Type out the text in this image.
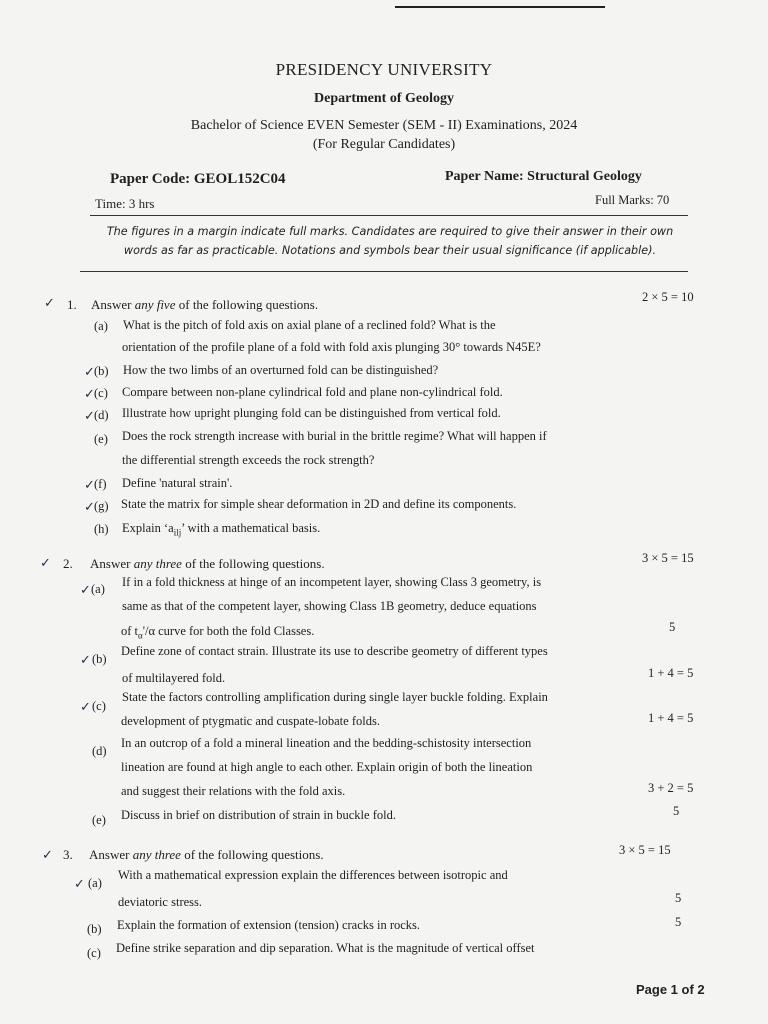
PRESIDENCY UNIVERSITY
Department of Geology
Bachelor of Science EVEN Semester (SEM - II) Examinations, 2024
(For Regular Candidates)
Paper Code: GEOL152C04	Paper Name: Structural Geology
Time: 3 hrs	Full Marks: 70
The figures in a margin indicate full marks. Candidates are required to give their answer in their own words as far as practicable. Notations and symbols bear their usual significance (if applicable).
✓ 1. Answer any five of the following questions.	2 × 5 = 10
(a) What is the pitch of fold axis on axial plane of a reclined fold? What is the
orientation of the profile plane of a fold with fold axis plunging 30° towards N45E?
✓ (b) How the two limbs of an overturned fold can be distinguished?
✓ (c) Compare between non-plane cylindrical fold and plane non-cylindrical fold.
✓ (d) Illustrate how upright plunging fold can be distinguished from vertical fold.
(e) Does the rock strength increase with burial in the brittle regime? What will happen if
the differential strength exceeds the rock strength?
✓ (f) Define 'natural strain'.
✓ (g) State the matrix for simple shear deformation in 2D and define its components.
(h) Explain ‘$a_{ilj}$’ with a mathematical basis.
✓ 2. Answer any three of the following questions.	3 × 5 = 15
✓ (a) If in a fold thickness at hinge of an incompetent layer, showing Class 3 geometry, is
same as that of the competent layer, showing Class 1B geometry, deduce equations
of $t_\alpha'/\alpha$ curve for both the fold Classes.	5
✓ (b)
Define zone of contact strain. Illustrate its use to describe geometry of different types
of multilayered fold.	1 + 4 = 5
✓ (c)
State the factors controlling amplification during single layer buckle folding. Explain
development of ptygmatic and cuspate-lobate folds.	1 + 4 = 5
(d)
In an outcrop of a fold a mineral lineation and the bedding-schistosity intersection
lineation are found at high angle to each other. Explain origin of both the lineation
and suggest their relations with the fold axis.	3 + 2 = 5
(e) Discuss in brief on distribution of strain in buckle fold.	5
✓ 3. Answer any three of the following questions.	3 × 5 = 15
✓ (a)
With a mathematical expression explain the differences between isotropic and
deviatoric stress.	5
(b) Explain the formation of extension (tension) cracks in rocks.	5
(c) Define strike separation and dip separation. What is the magnitude of vertical offset
Page 1 of 2
